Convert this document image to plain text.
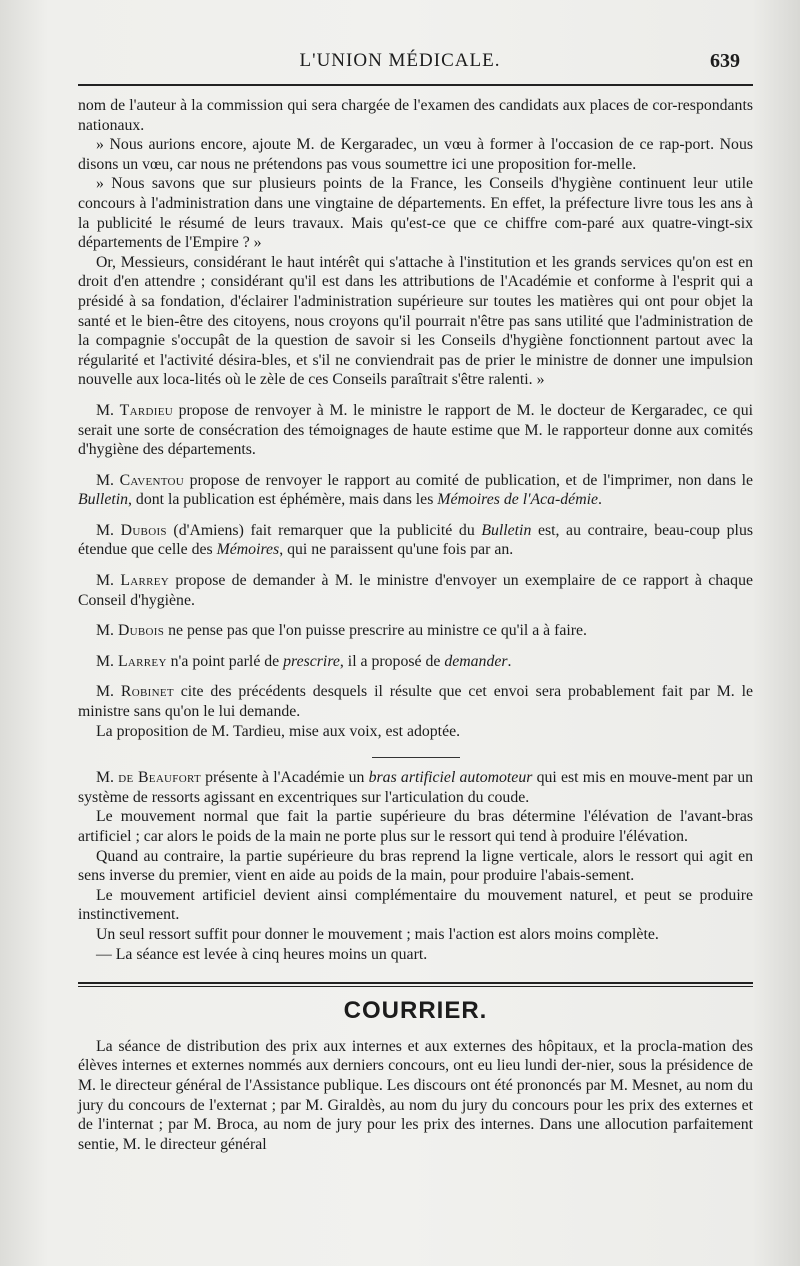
L'UNION MÉDICALE.	639

nom de l'auteur à la commission qui sera chargée de l'examen des candidats aux places de cor-respondants nationaux.

» Nous aurions encore, ajoute M. de Kergaradec, un vœu à former à l'occasion de ce rap-port. Nous disons un vœu, car nous ne prétendons pas vous soumettre ici une proposition for-melle.

» Nous savons que sur plusieurs points de la France, les Conseils d'hygiène continuent leur utile concours à l'administration dans une vingtaine de départements. En effet, la préfecture livre tous les ans à la publicité le résumé de leurs travaux. Mais qu'est-ce que ce chiffre com-paré aux quatre-vingt-six départements de l'Empire ? »

Or, Messieurs, considérant le haut intérêt qui s'attache à l'institution et les grands services qu'on est en droit d'en attendre ; considérant qu'il est dans les attributions de l'Académie et conforme à l'esprit qui a présidé à sa fondation, d'éclairer l'administration supérieure sur toutes les matières qui ont pour objet la santé et le bien-être des citoyens, nous croyons qu'il pourrait n'être pas sans utilité que l'administration de la compagnie s'occupât de la question de savoir si les Conseils d'hygiène fonctionnent partout avec la régularité et l'activité désira-bles, et s'il ne conviendrait pas de prier le ministre de donner une impulsion nouvelle aux loca-lités où le zèle de ces Conseils paraîtrait s'être ralenti. »

M. Tardieu propose de renvoyer à M. le ministre le rapport de M. le docteur de Kergaradec, ce qui serait une sorte de consécration des témoignages de haute estime que M. le rapporteur donne aux comités d'hygiène des départements.

M. Caventou propose de renvoyer le rapport au comité de publication, et de l'imprimer, non dans le Bulletin, dont la publication est éphémère, mais dans les Mémoires de l'Aca-démie.

M. Dubois (d'Amiens) fait remarquer que la publicité du Bulletin est, au contraire, beau-coup plus étendue que celle des Mémoires, qui ne paraissent qu'une fois par an.

M. Larrey propose de demander à M. le ministre d'envoyer un exemplaire de ce rapport à chaque Conseil d'hygiène.

M. Dubois ne pense pas que l'on puisse prescrire au ministre ce qu'il a à faire.

M. Larrey n'a point parlé de prescrire, il a proposé de demander.

M. Robinet cite des précédents desquels il résulte que cet envoi sera probablement fait par M. le ministre sans qu'on le lui demande.

La proposition de M. Tardieu, mise aux voix, est adoptée.

M. de Beaufort présente à l'Académie un bras artificiel automoteur qui est mis en mouve-ment par un système de ressorts agissant en excentriques sur l'articulation du coude.

Le mouvement normal que fait la partie supérieure du bras détermine l'élévation de l'avant-bras artificiel ; car alors le poids de la main ne porte plus sur le ressort qui tend à produire l'élévation.

Quand au contraire, la partie supérieure du bras reprend la ligne verticale, alors le ressort qui agit en sens inverse du premier, vient en aide au poids de la main, pour produire l'abais-sement.

Le mouvement artificiel devient ainsi complémentaire du mouvement naturel, et peut se produire instinctivement.

Un seul ressort suffit pour donner le mouvement ; mais l'action est alors moins complète.

— La séance est levée à cinq heures moins un quart.

COURRIER.

La séance de distribution des prix aux internes et aux externes des hôpitaux, et la procla-mation des élèves internes et externes nommés aux derniers concours, ont eu lieu lundi der-nier, sous la présidence de M. le directeur général de l'Assistance publique. Les discours ont été prononcés par M. Mesnet, au nom du jury du concours de l'externat ; par M. Giraldès, au nom du jury du concours pour les prix des externes et de l'internat ; par M. Broca, au nom de jury pour les prix des internes. Dans une allocution parfaitement sentie, M. le directeur général
